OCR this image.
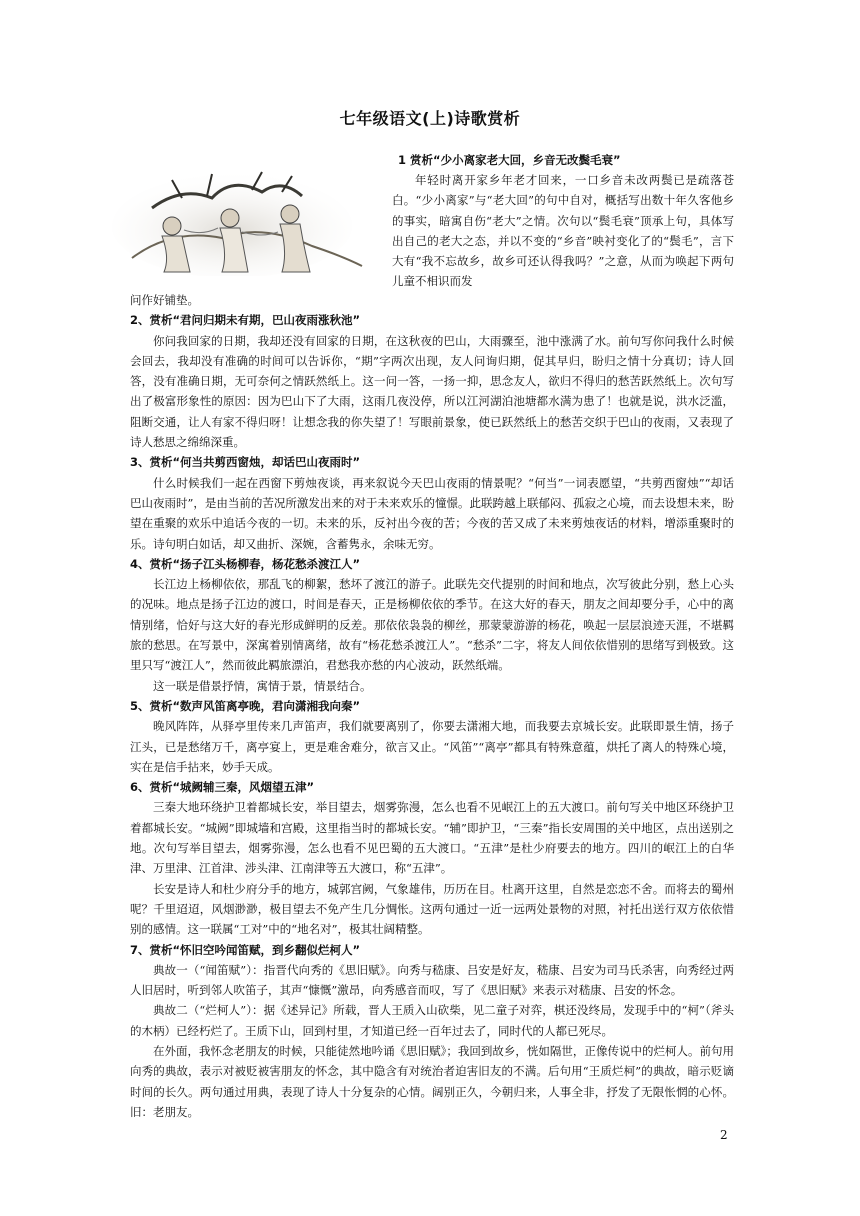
七年级语文(上)诗歌赏析
1 赏析“少小离家老大回，乡音无改鬓毛衰”
年轻时离开家乡年老才回来，一口乡音未改两鬓已是疏落苍白。“少小离家”与“老大回”的句中自对，概括写出数十年久客他乡的事实，暗寓自伤“老大”之情。次句以“鬓毛衰”顶承上句，具体写出自己的老大之态，并以不变的“乡音”映衬变化了的“鬓毛”，言下大有“我不忘故乡，故乡可还认得我吗？”之意，从而为唤起下两句儿童不相识而发
问作好铺垫。
2、赏析“君问归期未有期，巴山夜雨涨秋池”
你问我回家的日期，我却还没有回家的日期，在这秋夜的巴山，大雨骤至，池中涨满了水。前句写你问我什么时候会回去，我却没有准确的时间可以告诉你，“期”字两次出现，友人问询归期，促其早归，盼归之情十分真切；诗人回答，没有准确日期，无可奈何之情跃然纸上。这一问一答，一扬一抑，思念友人，欲归不得归的愁苦跃然纸上。次句写出了极富形象性的原因：因为巴山下了大雨，这雨几夜没停，所以江河湖泊池塘都水满为患了！也就是说，洪水泛滥，阻断交通，让人有家不得归呀！让想念我的你失望了！写眼前景象，使已跃然纸上的愁苦交织于巴山的夜雨，又表现了诗人愁思之绵绵深重。
3、赏析“何当共剪西窗烛，却话巴山夜雨时”
什么时候我们一起在西窗下剪烛夜谈，再来叙说今天巴山夜雨的情景呢？“何当”一词表愿望，“共剪西窗烛”“却话巴山夜雨时”，是由当前的苦况所激发出来的对于未来欢乐的憧憬。此联跨越上联郁闷、孤寂之心境，而去设想未来，盼望在重聚的欢乐中追话今夜的一切。未来的乐，反衬出今夜的苦；今夜的苦又成了未来剪烛夜话的材料，增添重聚时的乐。诗句明白如话，却又曲折、深婉，含蓄隽永，余味无穷。
4、赏析“扬子江头杨柳春，杨花愁杀渡江人”
长江边上杨柳依依，那乱飞的柳絮，愁坏了渡江的游子。此联先交代提别的时间和地点，次写彼此分别，愁上心头的况味。地点是扬子江边的渡口，时间是春天，正是杨柳依依的季节。在这大好的春天，朋友之间却要分手，心中的离情别绪，恰好与这大好的春光形成鲜明的反差。那依依袅袅的柳丝，那蒙蒙游游的杨花，唤起一层层浪迹天涯，不堪羁旅的愁思。在写景中，深寓着别情离绪，故有“杨花愁杀渡江人”。“愁杀”二字，将友人间依依惜别的思绪写到极致。这里只写“渡江人”，然而彼此羁旅漂泊，君愁我亦愁的内心波动，跃然纸端。
这一联是借景抒情，寓情于景，情景结合。
5、赏析“数声风笛离亭晚，君向潇湘我向秦”
晚风阵阵，从驿亭里传来几声笛声，我们就要离别了，你要去潇湘大地，而我要去京城长安。此联即景生情，扬子江头，已是愁绪万千，离亭宴上，更是难舍难分，欲言又止。“风笛”“离亭”都具有特殊意蕴，烘托了离人的特殊心境，实在是信手拈来，妙手天成。
6、赏析“城阙辅三秦，风烟望五津”
三秦大地环绕护卫着都城长安，举目望去，烟雾弥漫，怎么也看不见岷江上的五大渡口。前句写关中地区环绕护卫着都城长安。“城阙”即城墙和宫殿，这里指当时的都城长安。“辅”即护卫，“三秦”指长安周围的关中地区，点出送别之地。次句写举目望去，烟雾弥漫，怎么也看不见巴蜀的五大渡口。“五津”是杜少府要去的地方。四川的岷江上的白华津、万里津、江首津、涉头津、江南津等五大渡口，称“五津”。
长安是诗人和杜少府分手的地方，城郭宫阙，气象雄伟，历历在目。杜离开这里，自然是恋恋不舍。而将去的蜀州呢？千里迢迢，风烟渺渺，极目望去不免产生几分惆怅。这两句通过一近一远两处景物的对照，衬托出送行双方依依惜别的感情。这一联属“工对”中的“地名对”，极其壮阔精整。
7、赏析“怀旧空吟闻笛赋，到乡翻似烂柯人”
典故一（“闻笛赋”）：指晋代向秀的《思旧赋》。向秀与嵇康、吕安是好友，嵇康、吕安为司马氏杀害，向秀经过两人旧居时，听到邻人吹笛子，其声“慷慨”激昂，向秀感音而叹，写了《思旧赋》来表示对嵇康、吕安的怀念。
典故二（“烂柯人”）：据《述异记》所载，晋人王质入山砍柴，见二童子对弈，棋还没终局，发现手中的“柯”（斧头的木柄）已经朽烂了。王质下山，回到村里，才知道已经一百年过去了，同时代的人都已死尽。
在外面，我怀念老朋友的时候，只能徒然地吟诵《思旧赋》；我回到故乡，恍如隔世，正像传说中的烂柯人。前句用向秀的典故，表示对被贬被害朋友的怀念，其中隐含有对统治者迫害旧友的不满。后句用“王质烂柯”的典故，暗示贬谪时间的长久。两句通过用典，表现了诗人十分复杂的心情。阔别正久，今朝归来，人事全非，抒发了无限怅惘的心怀。旧：老朋友。
2
